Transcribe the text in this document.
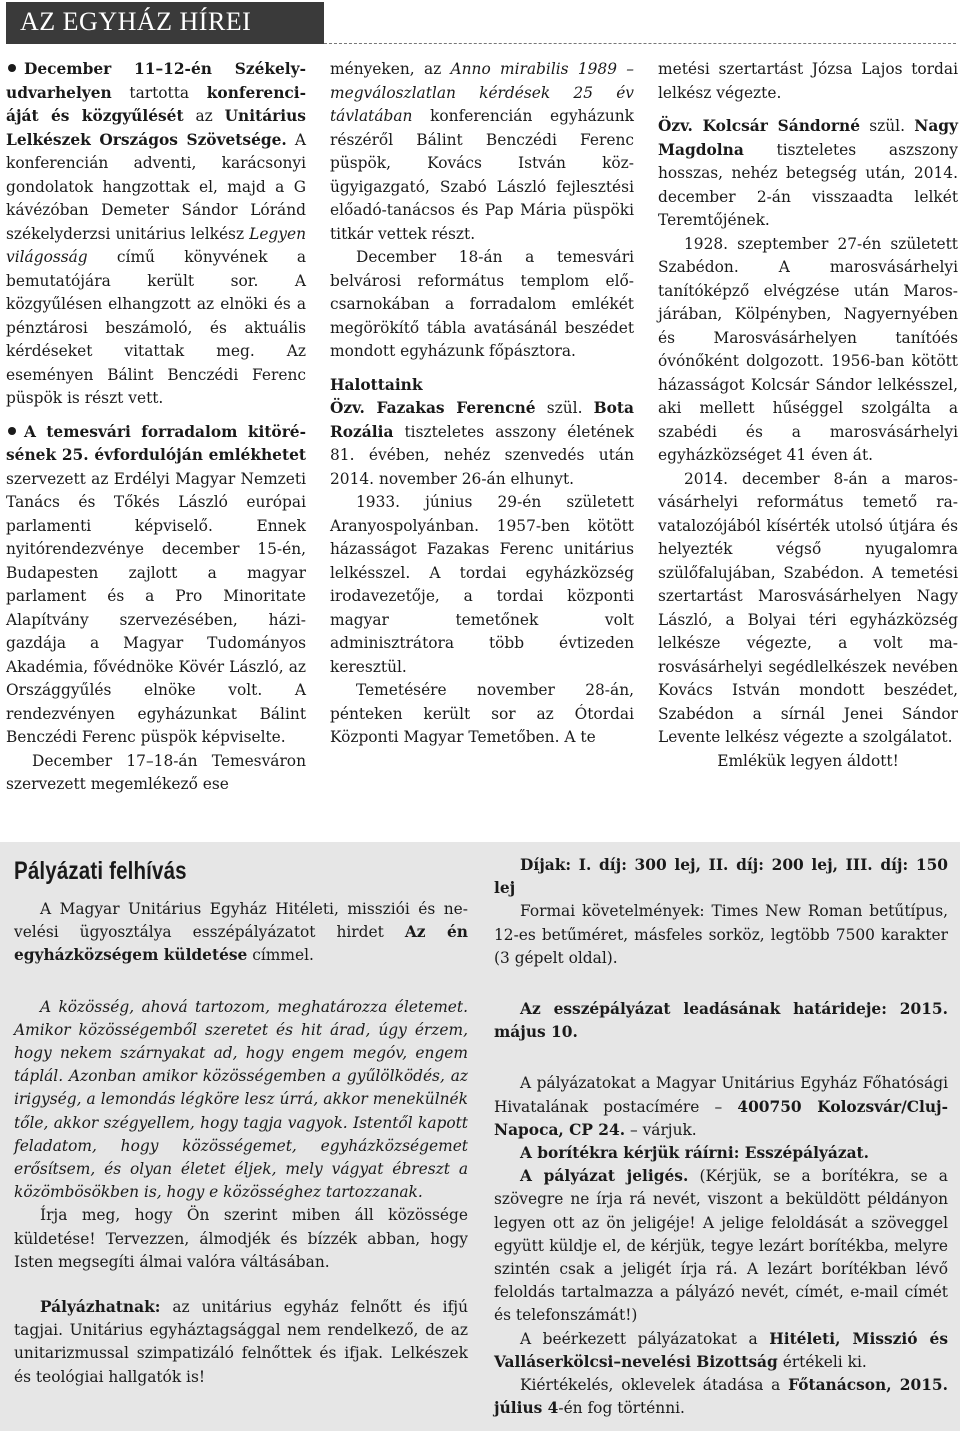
AZ EGYHÁZ HÍREI

December 11–12-én Székelyudvarhelyen tartotta konferenciáját és közgyűlését az Unitárius Lelkészek Országos Szövetsége. A konferencián adventi, karácsonyi gondolatok hangzottak el, majd a G kávézóban Demeter Sándor Lóránd székelyderzsi unitárius lelkész Legyen világosság című könyvének a bemutatójára került sor. A közgyűlésen elhangzott az elnöki és a pénztárosi beszámoló, és aktuális kérdéseket vitattak meg. Az eseményen Bálint Benczédi Ferenc püspök is részt vett.

A temesvári forradalom kitörésének 25. évfordulóján emlékhetet szervezett az Erdélyi Magyar Nemzeti Tanács és Tőkés László európai parlamenti képviselő. Ennek nyitórendezvénye december 15-én, Budapesten zajlott a magyar parlament és a Pro Minoritate Alapítvány szervezésében, házigazdája a Magyar Tudományos Akadémia, fővédnöke Kövér László, az Országgyűlés elnöke volt. A rendezvényen egyházunkat Bálint Benczédi Ferenc püspök képviselte.

December 17–18-án Temesváron szervezett megemlékező ese

ményeken, az Anno mirabilis 1989 – megváloszlatlan kérdések 25 év távlatában konferencián egyházunk részéről Bálint Benczédi Ferenc püspök, Kovács István közügyigazgató, Szabó László fejlesztési előadó-tanácsos és Pap Mária püspöki titkár vettek részt.

December 18-án a temesvári belvárosi református templom előcsarnokában a forradalom emlékét megörökítő tábla avatásánál beszédet mondott egyházunk főpásztora.

Halottaink

Özv. Fazakas Ferencné szül. Bota Rozália tiszteletes asszony életének 81. évében, nehéz szenvedés után 2014. november 26-án elhunyt.

1933. június 29-én született Aranyospolyánban. 1957-ben kötött házasságot Fazakas Ferenc unitárius lelkésszel. A tordai egyházközség irodavezetője, a tordai központi magyar temetőnek volt adminisztrátora több évtizeden keresztül.

Temetésére november 28-án, pénteken került sor az Ótordai Központi Magyar Temetőben. A te

metési szertartást Józsa Lajos tordai lelkész végezte.

Özv. Kolcsár Sándorné szül. Nagy Magdolna tiszteletes aszszony hosszas, nehéz betegség után, 2014. december 2-án visszaadta lelkét Teremtőjének.

1928. szeptember 27-én született Szabédon. A marosvásárhelyi tanítóképző elvégzése után Marosjárában, Kölpényben, Nagyernyében és Marosvásárhelyen tanítóés óvónőként dolgozott. 1956-ban kötött házasságot Kolcsár Sándor lelkésszel, aki mellett hűséggel szolgálta a szabédi és a marosvásárhelyi egyházközséget 41 éven át.

2014. december 8-án a marosvásárhelyi református temető ravatalozójából kísérték utolsó útjára és helyezték végső nyugalomra szülőfalujában, Szabédon. A temetési szertartást Marosvásárhelyen Nagy László, a Bolyai téri egyházközség lelkésze végezte, a volt marosvásárhelyi segédlelkészek nevében Kovács István mondott beszédet, Szabédon a sírnál Jenei Sándor Levente lelkész végezte a szolgálatot.

Emlékük legyen áldott!

Pályázati felhívás

A Magyar Unitárius Egyház Hitéleti, missziói és nevelési ügyosztálya esszépályázatot hirdet Az én egyházközségem küldetése címmel.

A közösség, ahová tartozom, meghatározza életemet. Amikor közösségemből szeretet és hit árad, úgy érzem, hogy nekem szárnyakat ad, hogy engem megóv, engem táplál. Azonban amikor közösségemben a gyűlölködés, az irigység, a lemondás légköre lesz úrrá, akkor menekülnék tőle, akkor szégyellem, hogy tagja vagyok. Istentől kapott feladatom, hogy közösségemet, egyházközségemet erősítsem, és olyan életet éljek, mely vágyat ébreszt a közömbösökben is, hogy e közösséghez tartozzanak.

Írja meg, hogy Ön szerint miben áll közössége küldetése! Tervezzen, álmodjék és bízzék abban, hogy Isten megsegíti álmai valóra váltásában.

Pályázhatnak: az unitárius egyház felnőtt és ifjú tagjai. Unitárius egyháztagsággal nem rendelkező, de az unitarizmussal szimpatizáló felnőttek és ifjak. Lelkészek és teológiai hallgatók is!

Díjak: I. díj: 300 lej, II. díj: 200 lej, III. díj: 150 lej

Formai követelmények: Times New Roman betűtípus, 12-es betűméret, másfeles sorköz, legtöbb 7500 karakter (3 gépelt oldal).

Az esszépályázat leadásának határideje: 2015. május 10.

A pályázatokat a Magyar Unitárius Egyház Főhatósági Hivatalának postacímére – 400750 Kolozsvár/Cluj-Napoca, CP 24. – várjuk.

A borítékra kérjük ráírni: Esszépályázat.

A pályázat jeligés. (Kérjük, se a borítékra, se a szövegre ne írja rá nevét, viszont a beküldött példányon legyen ott az ön jeligéje! A jelige feloldását a szöveggel együtt küldje el, de kérjük, tegye lezárt borítékba, melyre szintén csak a jeligét írja rá. A lezárt borítékban lévő feloldás tartalmazza a pályázó nevét, címét, e-mail címét és telefonszámát!)

A beérkezett pályázatokat a Hitéleti, Misszió és Valláserkölcsi–nevelési Bizottság értékeli ki.

Kiértékelés, oklevelek átadása a Főtanácson, 2015. július 4-én fog történni.
